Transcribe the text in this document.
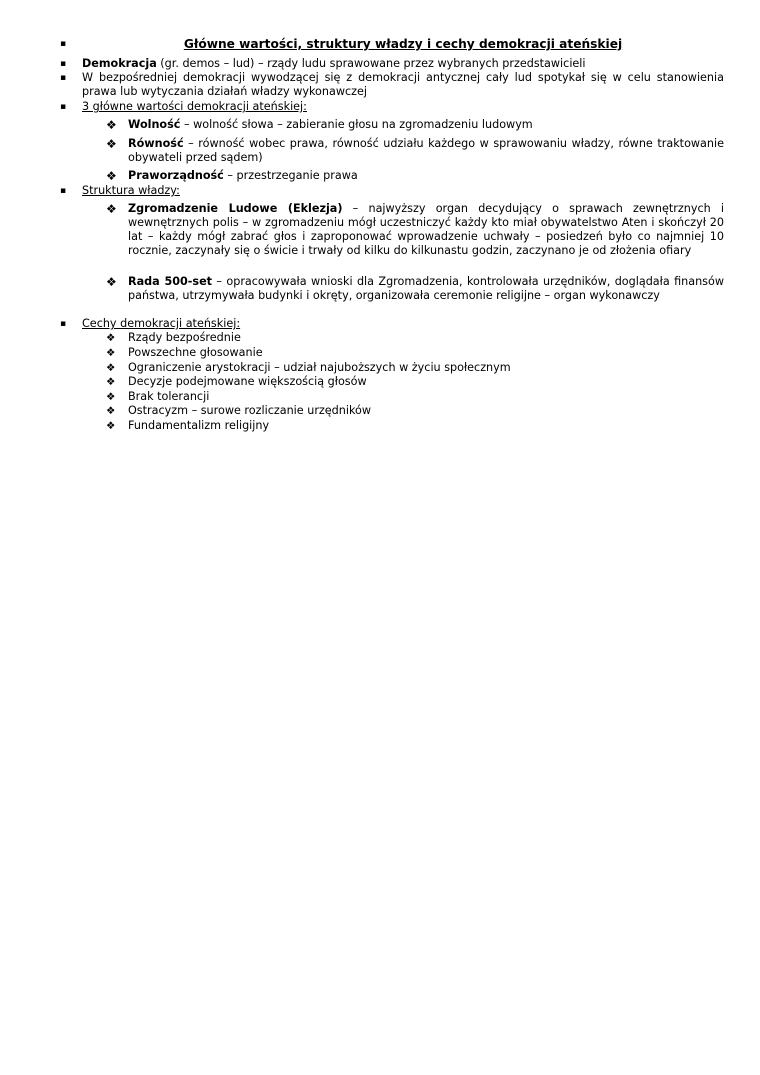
▪	Główne wartości, struktury władzy i cechy demokracji ateńskiej
▪ Demokracja (gr. demos – lud) – rządy ludu sprawowane przez wybranych przedstawicieli
▪ W bezpośredniej demokracji wywodzącej się z demokracji antycznej cały lud spotykał się w celu stanowienia prawa lub wytyczania działań władzy wykonawczej
▪ 3 główne wartości demokracji ateńskiej:
❖ Wolność – wolność słowa – zabieranie głosu na zgromadzeniu ludowym
❖ Równość – równość wobec prawa, równość udziału każdego w sprawowaniu władzy, równe traktowanie obywateli przed sądem)
❖ Praworządność – przestrzeganie prawa
▪ Struktura władzy:
❖ Zgromadzenie Ludowe (Eklezja) – najwyższy organ decydujący o sprawach zewnętrznych i wewnętrznych polis – w zgromadzeniu mógł uczestniczyć każdy kto miał obywatelstwo Aten i skończył 20 lat – każdy mógł zabrać głos i zaproponować wprowadzenie uchwały – posiedzeń było co najmniej 10 rocznie, zaczynały się o świcie i trwały od kilku do kilkunastu godzin, zaczynano je od złożenia ofiary
❖ Rada 500-set – opracowywała wnioski dla Zgromadzenia, kontrolowała urzędników, doglądała finansów państwa, utrzymywała budynki i okręty, organizowała ceremonie religijne – organ wykonawczy
▪ Cechy demokracji ateńskiej:
❖ Rządy bezpośrednie
❖ Powszechne głosowanie
❖ Ograniczenie arystokracji – udział najuboższych w życiu społecznym
❖ Decyzje podejmowane większością głosów
❖ Brak tolerancji
❖ Ostracyzm – surowe rozliczanie urzędników
❖ Fundamentalizm religijny
